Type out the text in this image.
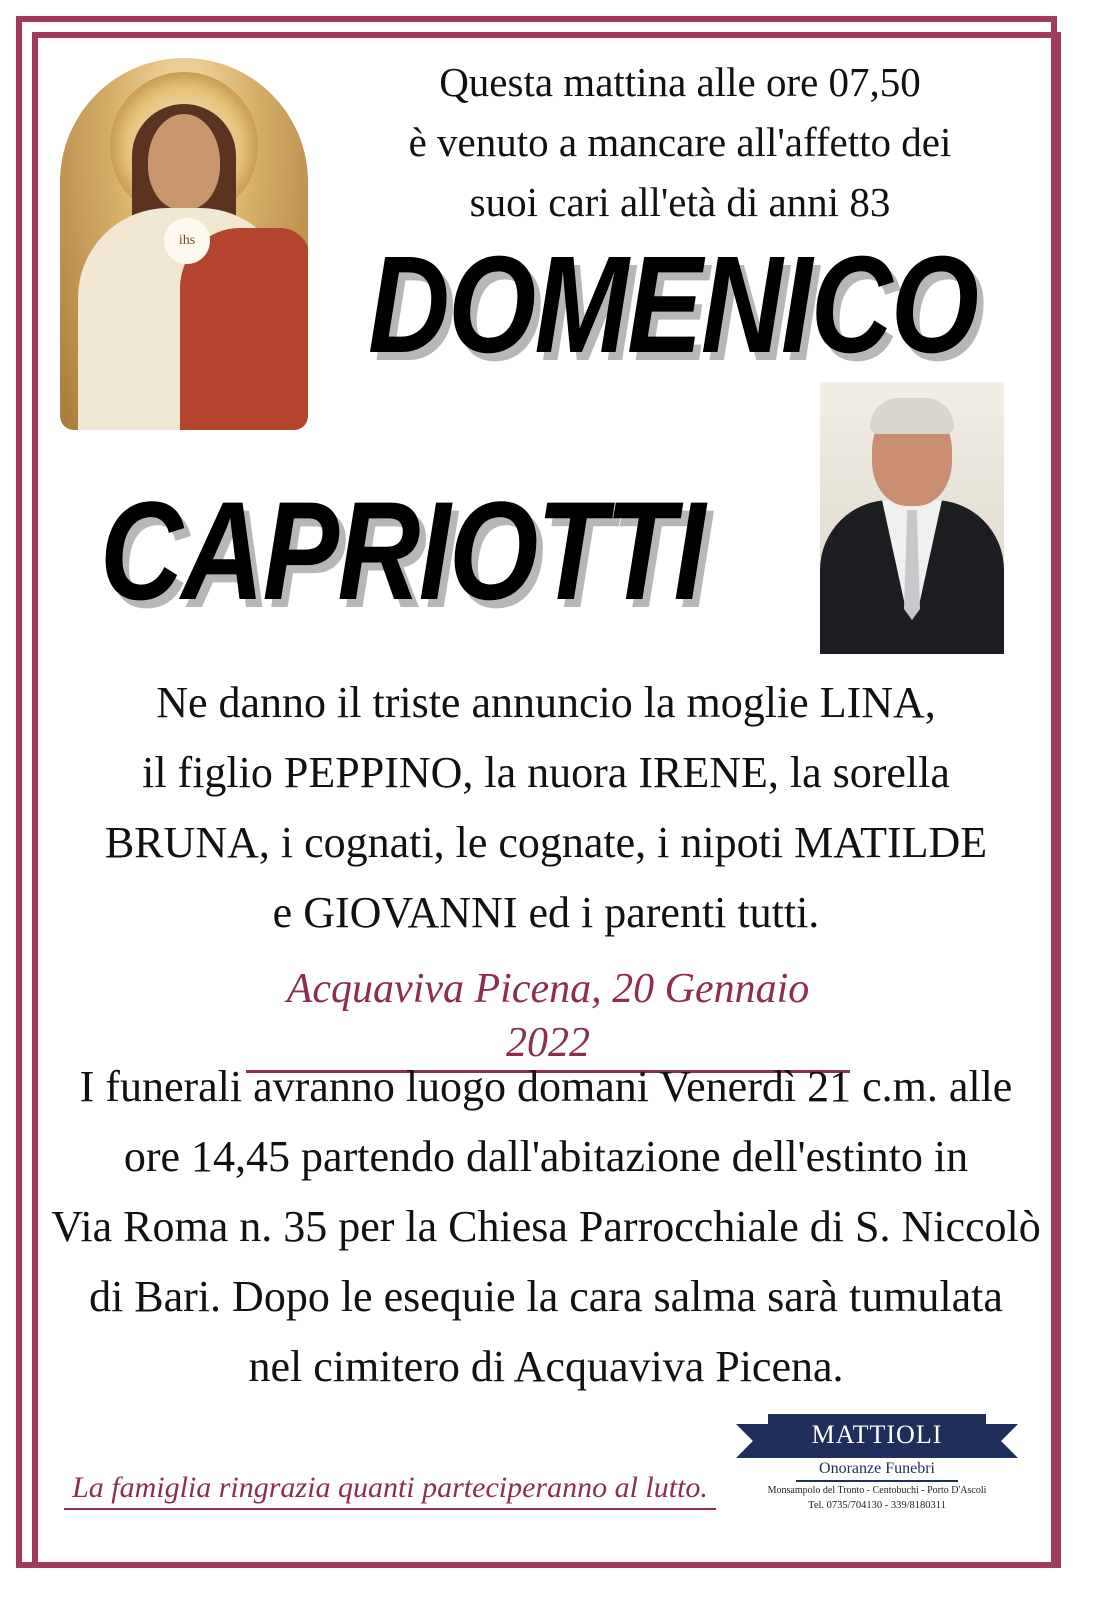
ihs
Questa mattina alle ore 07,50
è venuto a mancare all'affetto dei
suoi cari all'età di anni 83
DOMENICO
CAPRIOTTI
Ne danno il triste annuncio la moglie LINA,
il figlio PEPPINO, la nuora IRENE, la sorella
BRUNA, i cognati, le cognate, i nipoti MATILDE
e GIOVANNI ed i parenti tutti.
Acquaviva Picena, 20 Gennaio 2022
I funerali avranno luogo domani Venerdì 21 c.m. alle
ore 14,45 partendo dall'abitazione dell'estinto in
Via Roma n. 35 per la Chiesa Parrocchiale di S. Niccolò
di Bari. Dopo le esequie la cara salma sarà tumulata
nel cimitero di Acquaviva Picena.
La famiglia ringrazia quanti parteciperanno al lutto.
MATTIOLI
Onoranze Funebri
Monsampolo del Tronto - Centobuchi - Porto D'Ascoli
Tel. 0735/704130 - 339/8180311
